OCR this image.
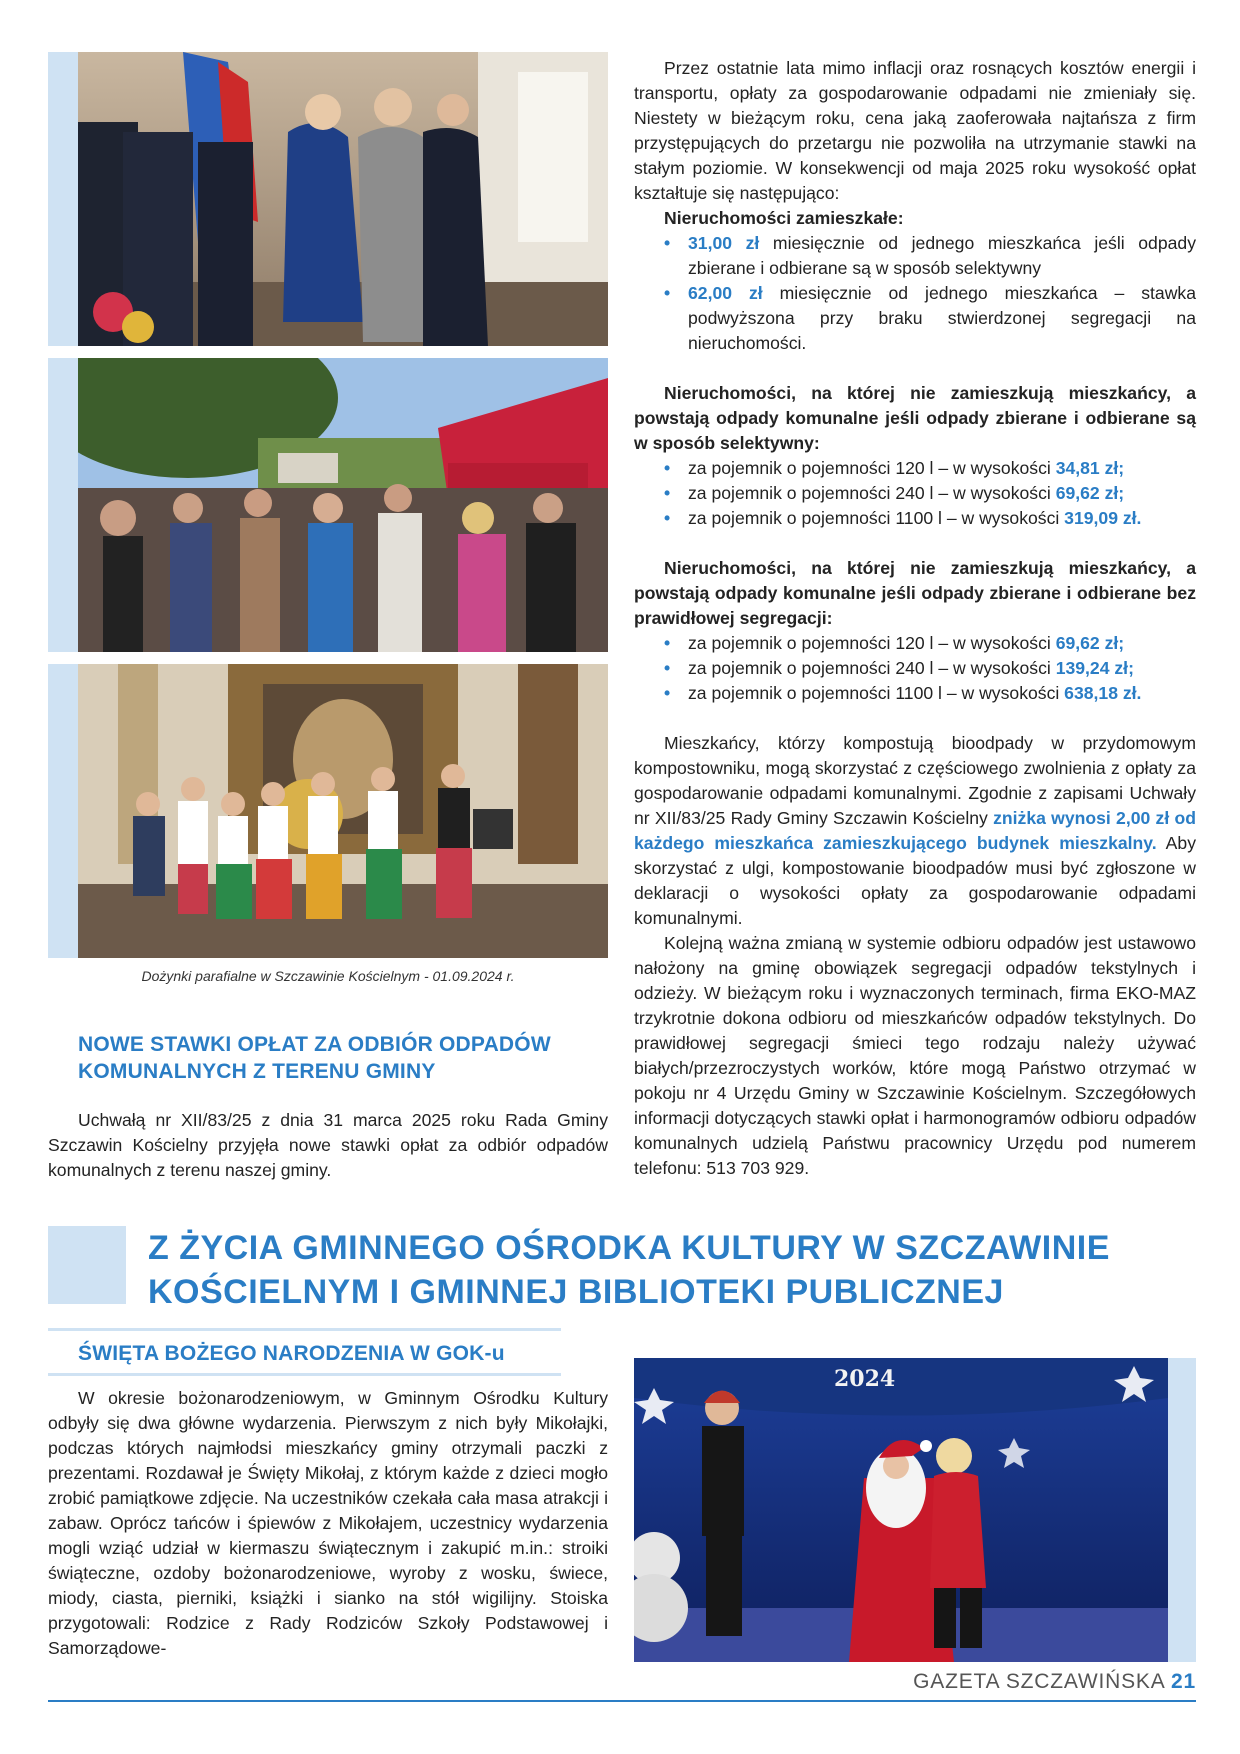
Dożynki parafialne w Szczawinie Kościelnym - 01.09.2024 r.
NOWE STAWKI OPŁAT ZA ODBIÓR ODPADÓW KOMUNALNYCH Z TERENU GMINY
Uchwałą nr XII/83/25 z dnia 31 marca 2025 roku Rada Gminy Szczawin Kościelny przyjęła nowe stawki opłat za odbiór odpadów komunalnych z terenu naszej gminy.

Przez ostatnie lata mimo inflacji oraz rosnących kosztów energii i transportu, opłaty za gospodarowanie odpadami nie zmieniały się. Niestety w bieżącym roku, cena jaką zaoferowała najtańsza z firm przystępujących do przetargu nie pozwoliła na utrzymanie stawki na stałym poziomie. W konsekwencji od maja 2025 roku wysokość opłat kształtuje się następująco:

Nieruchomości zamieszkałe:

• 31,00 zł miesięcznie od jednego mieszkańca jeśli odpady zbierane i odbierane są w sposób selektywny
• 62,00 zł miesięcznie od jednego mieszkańca – stawka podwyższona przy braku stwierdzonej segregacji na nieruchomości.

Nieruchomości, na której nie zamieszkują mieszkańcy, a powstają odpady komunalne jeśli odpady zbierane i odbierane są w sposób selektywny:

• za pojemnik o pojemności 120 l – w wysokości 34,81 zł;
• za pojemnik o pojemności 240 l – w wysokości 69,62 zł;
• za pojemnik o pojemności 1100 l – w wysokości 319,09 zł.

Nieruchomości, na której nie zamieszkują mieszkańcy, a powstają odpady komunalne jeśli odpady zbierane i odbierane bez prawidłowej segregacji:

• za pojemnik o pojemności 120 l – w wysokości 69,62 zł;
• za pojemnik o pojemności 240 l – w wysokości 139,24 zł;
• za pojemnik o pojemności 1100 l – w wysokości 638,18 zł.

Mieszkańcy, którzy kompostują bioodpady w przydomowym kompostowniku, mogą skorzystać z częściowego zwolnienia z opłaty za gospodarowanie odpadami komunalnymi. Zgodnie z zapisami Uchwały nr XII/83/25 Rady Gminy Szczawin Kościelny zniżka wynosi 2,00 zł od każdego mieszkańca zamieszkującego budynek mieszkalny. Aby skorzystać z ulgi, kompostowanie bioodpadów musi być zgłoszone w deklaracji o wysokości opłaty za gospodarowanie odpadami komunalnymi.

Kolejną ważna zmianą w systemie odbioru odpadów jest ustawowo nałożony na gminę obowiązek segregacji odpadów tekstylnych i odzieży. W bieżącym roku i wyznaczonych terminach, firma EKO-MAZ trzykrotnie dokona odbioru od mieszkańców odpadów tekstylnych. Do prawidłowej segregacji śmieci tego rodzaju należy używać białych/przezroczystych worków, które mogą Państwo otrzymać w pokoju nr 4 Urzędu Gminy w Szczawinie Kościelnym. Szczegółowych informacji dotyczących stawki opłat i harmonogramów odbioru odpadów komunalnych udzielą Państwu pracownicy Urzędu pod numerem telefonu: 513 703 929.

Z ŻYCIA GMINNEGO OŚRODKA KULTURY W SZCZAWINIE
KOŚCIELNYM I GMINNEJ BIBLIOTEKI PUBLICZNEJ
ŚWIĘTA BOŻEGO NARODZENIA W GOK-u
W okresie bożonarodzeniowym, w Gminnym Ośrodku Kultury odbyły się dwa główne wydarzenia. Pierwszym z nich były Mikołajki, podczas których najmłodsi mieszkańcy gminy otrzymali paczki z prezentami. Rozdawał je Święty Mikołaj, z którym każde z dzieci mogło zrobić pamiątkowe zdjęcie. Na uczestników czekała cała masa atrakcji i zabaw. Oprócz tańców i śpiewów z Mikołajem, uczestnicy wydarzenia mogli wziąć udział w kiermaszu świątecznym i zakupić m.in.: stroiki świąteczne, ozdoby bożonarodzeniowe, wyroby z wosku, świece, miody, ciasta, pierniki, książki i sianko na stół wigilijny. Stoiska przygotowali: Rodzice z Rady Rodziców Szkoły Podstawowej i Samorządowe-
2024
GAZETA SZCZAWIŃSKA 21
